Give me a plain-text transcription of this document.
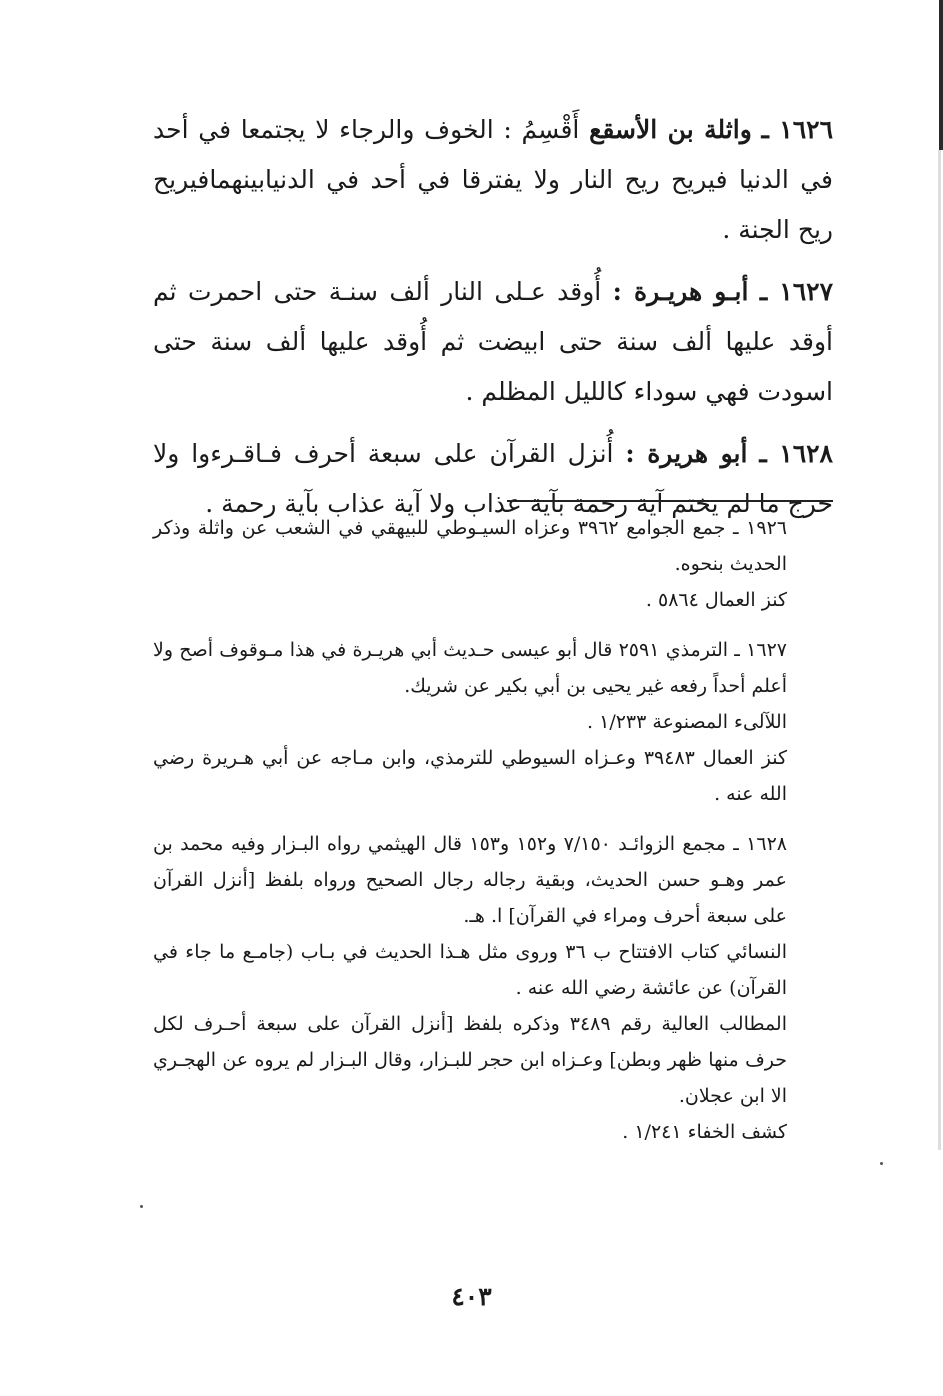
١٦٢٦ ـ واثلة بن الأسقع أَقْسِمُ : الخوف والرجاء لا يجتمعا في أحد في الدنيا فيريح ريح النار ولا يفترقا في أحد في الدنيابينهمافيريح ريح الجنة .

١٦٢٧ ـ أبـو هريـرة : أُوقد عـلى النار ألف سنـة حتى احمرت ثم أوقد عليها ألف سنة حتى ابيضت ثم أُوقد عليها ألف سنة حتى اسودت فهي سوداء كالليل المظلم .

١٦٢٨ ـ أبو هريرة : أُنزل القرآن على سبعة أحرف فـاقـرءوا ولا حرج ما لم يختم آية رحمة بآية عذاب ولا آية عذاب بآية رحمة .

١٩٢٦ ـ جمع الجوامع ٣٩٦٢ وعزاه السيـوطي للبيهقي في الشعب عن واثلة وذكر الحديث بنحوه.

كنز العمال ٥٨٦٤ .

١٦٢٧ ـ الترمذي ٢٥٩١ قال أبو عيسى حـديث أبي هريـرة في هذا مـوقوف أصح ولا أعلم أحداً رفعه غير يحيى بن أبي بكير عن شريك.

اللآلىء المصنوعة ١/٢٣٣ .

كنز العمال ٣٩٤٨٣ وعـزاه السيوطي للترمذي، وابن مـاجه عن أبي هـريرة رضي الله عنه .

١٦٢٨ ـ مجمع الزوائـد ٧/١٥٠ و١٥٢ و١٥٣ قال الهيثمي رواه البـزار وفيه محمد بن عمر وهـو حسن الحديث، وبقية رجاله رجال الصحيح ورواه بلفظ [أنزل القرآن على سبعة أحرف ومراء في القرآن] ا. هـ.

النسائي كتاب الافتتاح ب ٣٦ وروى مثل هـذا الحديث في بـاب (جامـع ما جاء في القرآن) عن عائشة رضي الله عنه .

المطالب العالية رقم ٣٤٨٩ وذكره بلفظ [أنزل القرآن على سبعة أحـرف لكل حرف منها ظهر وبطن] وعـزاه ابن حجر للبـزار، وقال البـزار لم يروه عن الهجـري الا ابن عجلان.

كشف الخفاء ١/٢٤١ .

٤٠٣
